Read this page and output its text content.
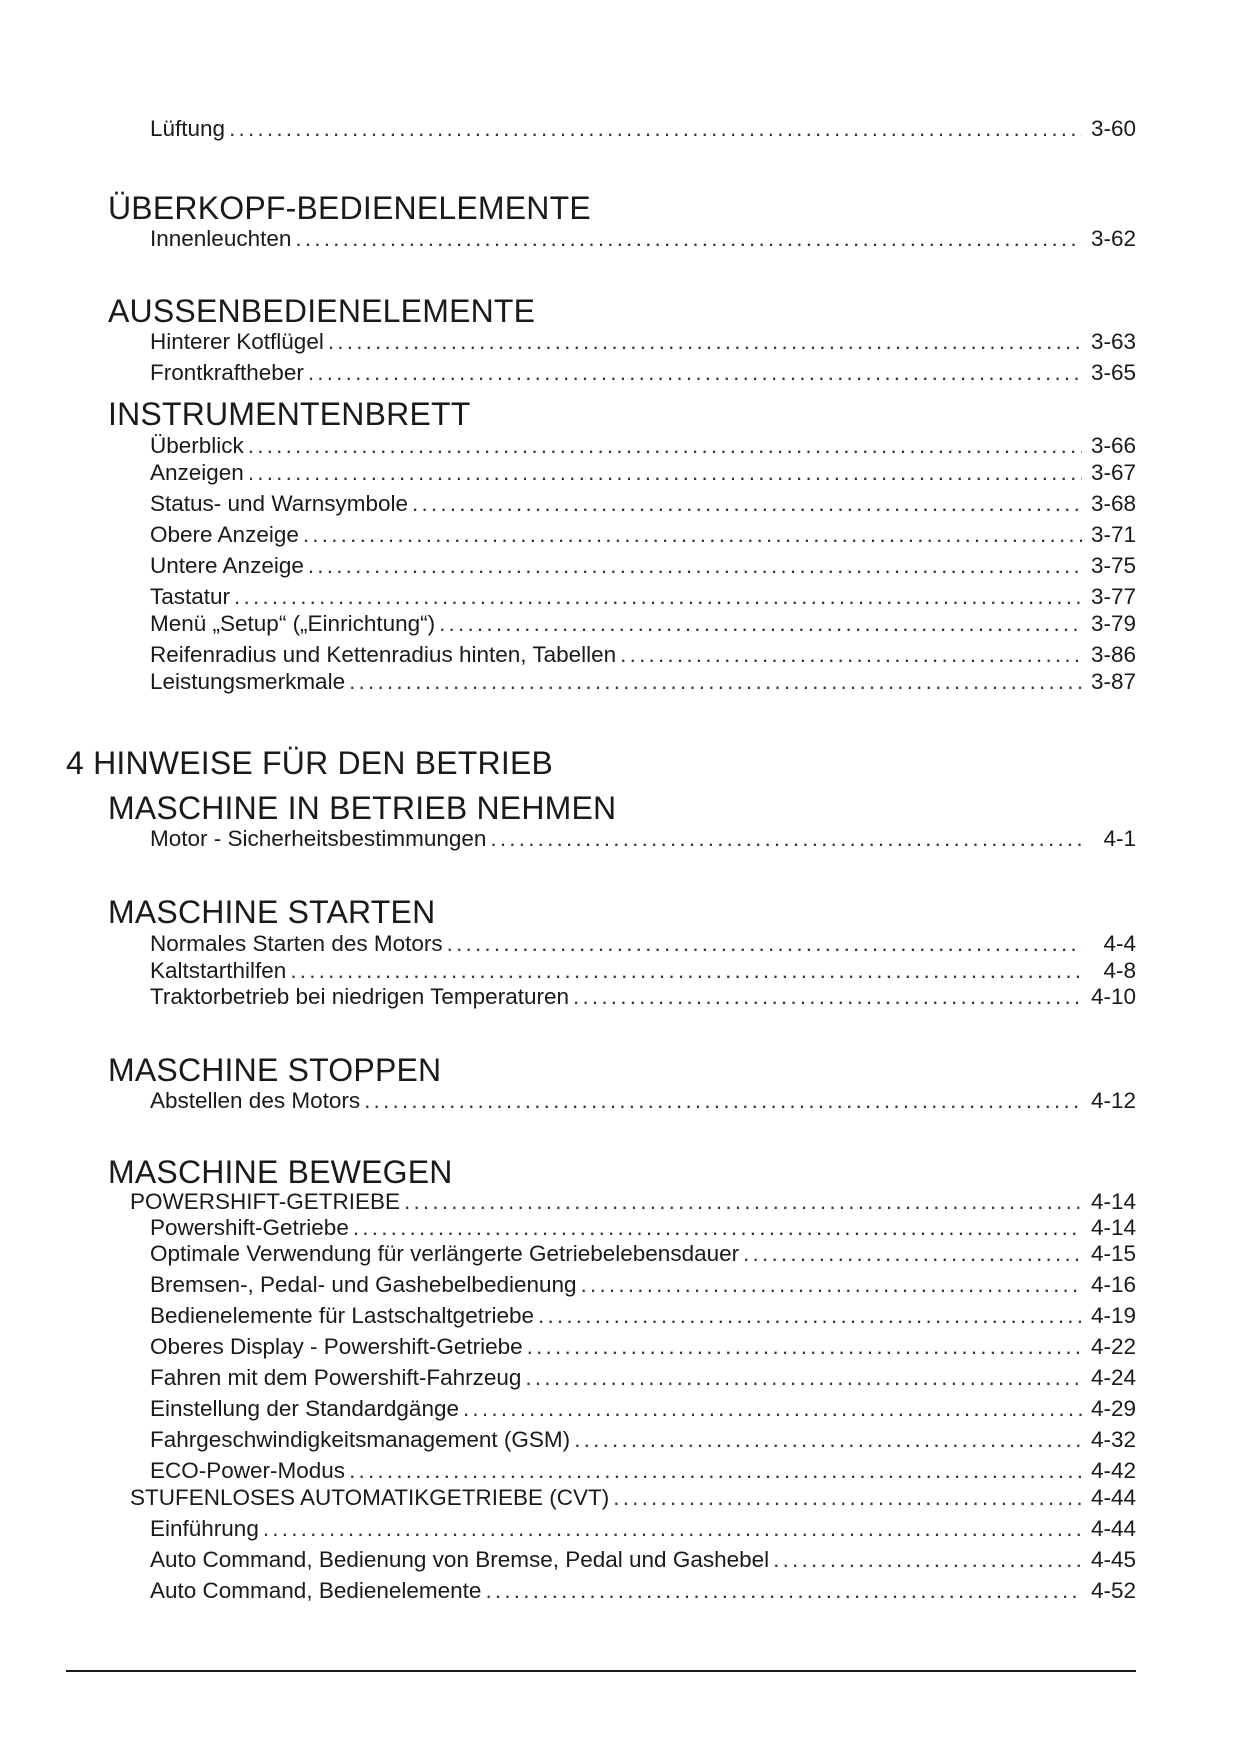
Lüftung .....	3-60
ÜBERKOPF-BEDIENELEMENTE
Innenleuchten .....	3-62
AUSSENBEDIENELEMENTE
Hinterer Kotflügel .....	3-63
Frontkraftheber .....	3-65
INSTRUMENTENBRETT
Überblick .....	3-66
Anzeigen .....	3-67
Status- und Warnsymbole .....	3-68
Obere Anzeige .....	3-71
Untere Anzeige .....	3-75
Tastatur .....	3-77
Menü „Setup“ („Einrichtung“) .....	3-79
Reifenradius und Kettenradius hinten, Tabellen .....	3-86
Leistungsmerkmale .....	3-87
4 HINWEISE FÜR DEN BETRIEB
MASCHINE IN BETRIEB NEHMEN
Motor - Sicherheitsbestimmungen .....	4-1
MASCHINE STARTEN
Normales Starten des Motors .....	4-4
Kaltstarthilfen .....	4-8
Traktorbetrieb bei niedrigen Temperaturen .....	4-10
MASCHINE STOPPEN
Abstellen des Motors .....	4-12
MASCHINE BEWEGEN
POWERSHIFT-GETRIEBE .....	4-14
Powershift-Getriebe .....	4-14
Optimale Verwendung für verlängerte Getriebelebensdauer .....	4-15
Bremsen-, Pedal- und Gashebelbedienung .....	4-16
Bedienelemente für Lastschaltgetriebe .....	4-19
Oberes Display - Powershift-Getriebe .....	4-22
Fahren mit dem Powershift-Fahrzeug .....	4-24
Einstellung der Standardgänge .....	4-29
Fahrgeschwindigkeitsmanagement (GSM) .....	4-32
ECO-Power-Modus .....	4-42
STUFENLOSES AUTOMATIKGETRIEBE (CVT) .....	4-44
Einführung .....	4-44
Auto Command, Bedienung von Bremse, Pedal und Gashebel .....	4-45
Auto Command, Bedienelemente .....	4-52
